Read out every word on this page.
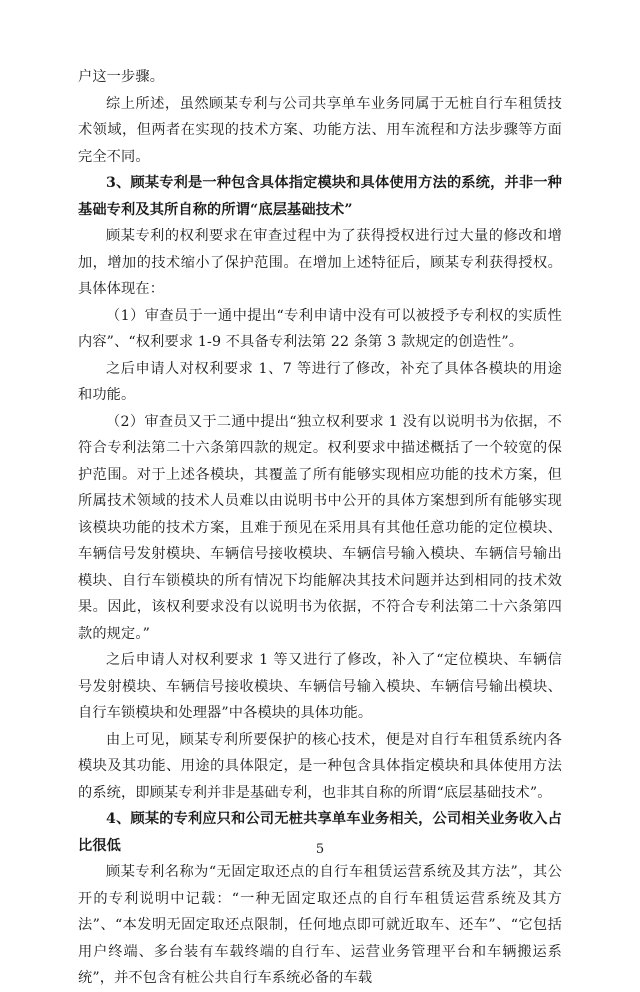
户这一步骤。

综上所述，虽然顾某专利与公司共享单车业务同属于无桩自行车租赁技术领域，但两者在实现的技术方案、功能方法、用车流程和方法步骤等方面完全不同。

3、顾某专利是一种包含具体指定模块和具体使用方法的系统，并非一种基础专利及其所自称的所谓“底层基础技术”

顾某专利的权利要求在审查过程中为了获得授权进行过大量的修改和增加，增加的技术缩小了保护范围。在增加上述特征后，顾某专利获得授权。具体体现在：

（1）审查员于一通中提出“专利申请中没有可以被授予专利权的实质性内容”、“权利要求 1-9 不具备专利法第 22 条第 3 款规定的创造性”。

之后申请人对权利要求 1、7 等进行了修改，补充了具体各模块的用途和功能。

（2）审查员又于二通中提出“独立权利要求 1 没有以说明书为依据，不符合专利法第二十六条第四款的规定。权利要求中描述概括了一个较宽的保护范围。对于上述各模块，其覆盖了所有能够实现相应功能的技术方案，但所属技术领域的技术人员难以由说明书中公开的具体方案想到所有能够实现该模块功能的技术方案，且难于预见在采用具有其他任意功能的定位模块、车辆信号发射模块、车辆信号接收模块、车辆信号输入模块、车辆信号输出模块、自行车锁模块的所有情况下均能解决其技术问题并达到相同的技术效果。因此，该权利要求没有以说明书为依据，不符合专利法第二十六条第四款的规定。”

之后申请人对权利要求 1 等又进行了修改，补入了“定位模块、车辆信号发射模块、车辆信号接收模块、车辆信号输入模块、车辆信号输出模块、自行车锁模块和处理器”中各模块的具体功能。

由上可见，顾某专利所要保护的核心技术，便是对自行车租赁系统内各模块及其功能、用途的具体限定，是一种包含具体指定模块和具体使用方法的系统，即顾某专利并非是基础专利，也非其自称的所谓“底层基础技术”。

4、顾某的专利应只和公司无桩共享单车业务相关，公司相关业务收入占比很低

顾某专利名称为“无固定取还点的自行车租赁运营系统及其方法”，其公开的专利说明中记载：“一种无固定取还点的自行车租赁运营系统及其方法”、“本发明无固定取还点限制，任何地点即可就近取车、还车”、“它包括用户终端、多台装有车载终端的自行车、运营业务管理平台和车辆搬运系统”，并不包含有桩公共自行车系统必备的车载

5
